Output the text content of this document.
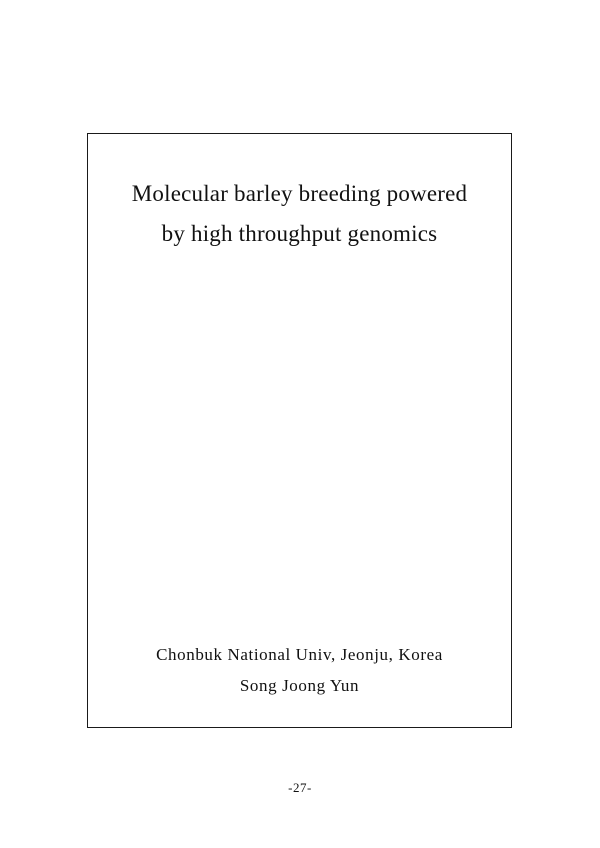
Molecular barley breeding powered
by high throughput genomics
Chonbuk National Univ, Jeonju, Korea
Song Joong Yun
-27-
